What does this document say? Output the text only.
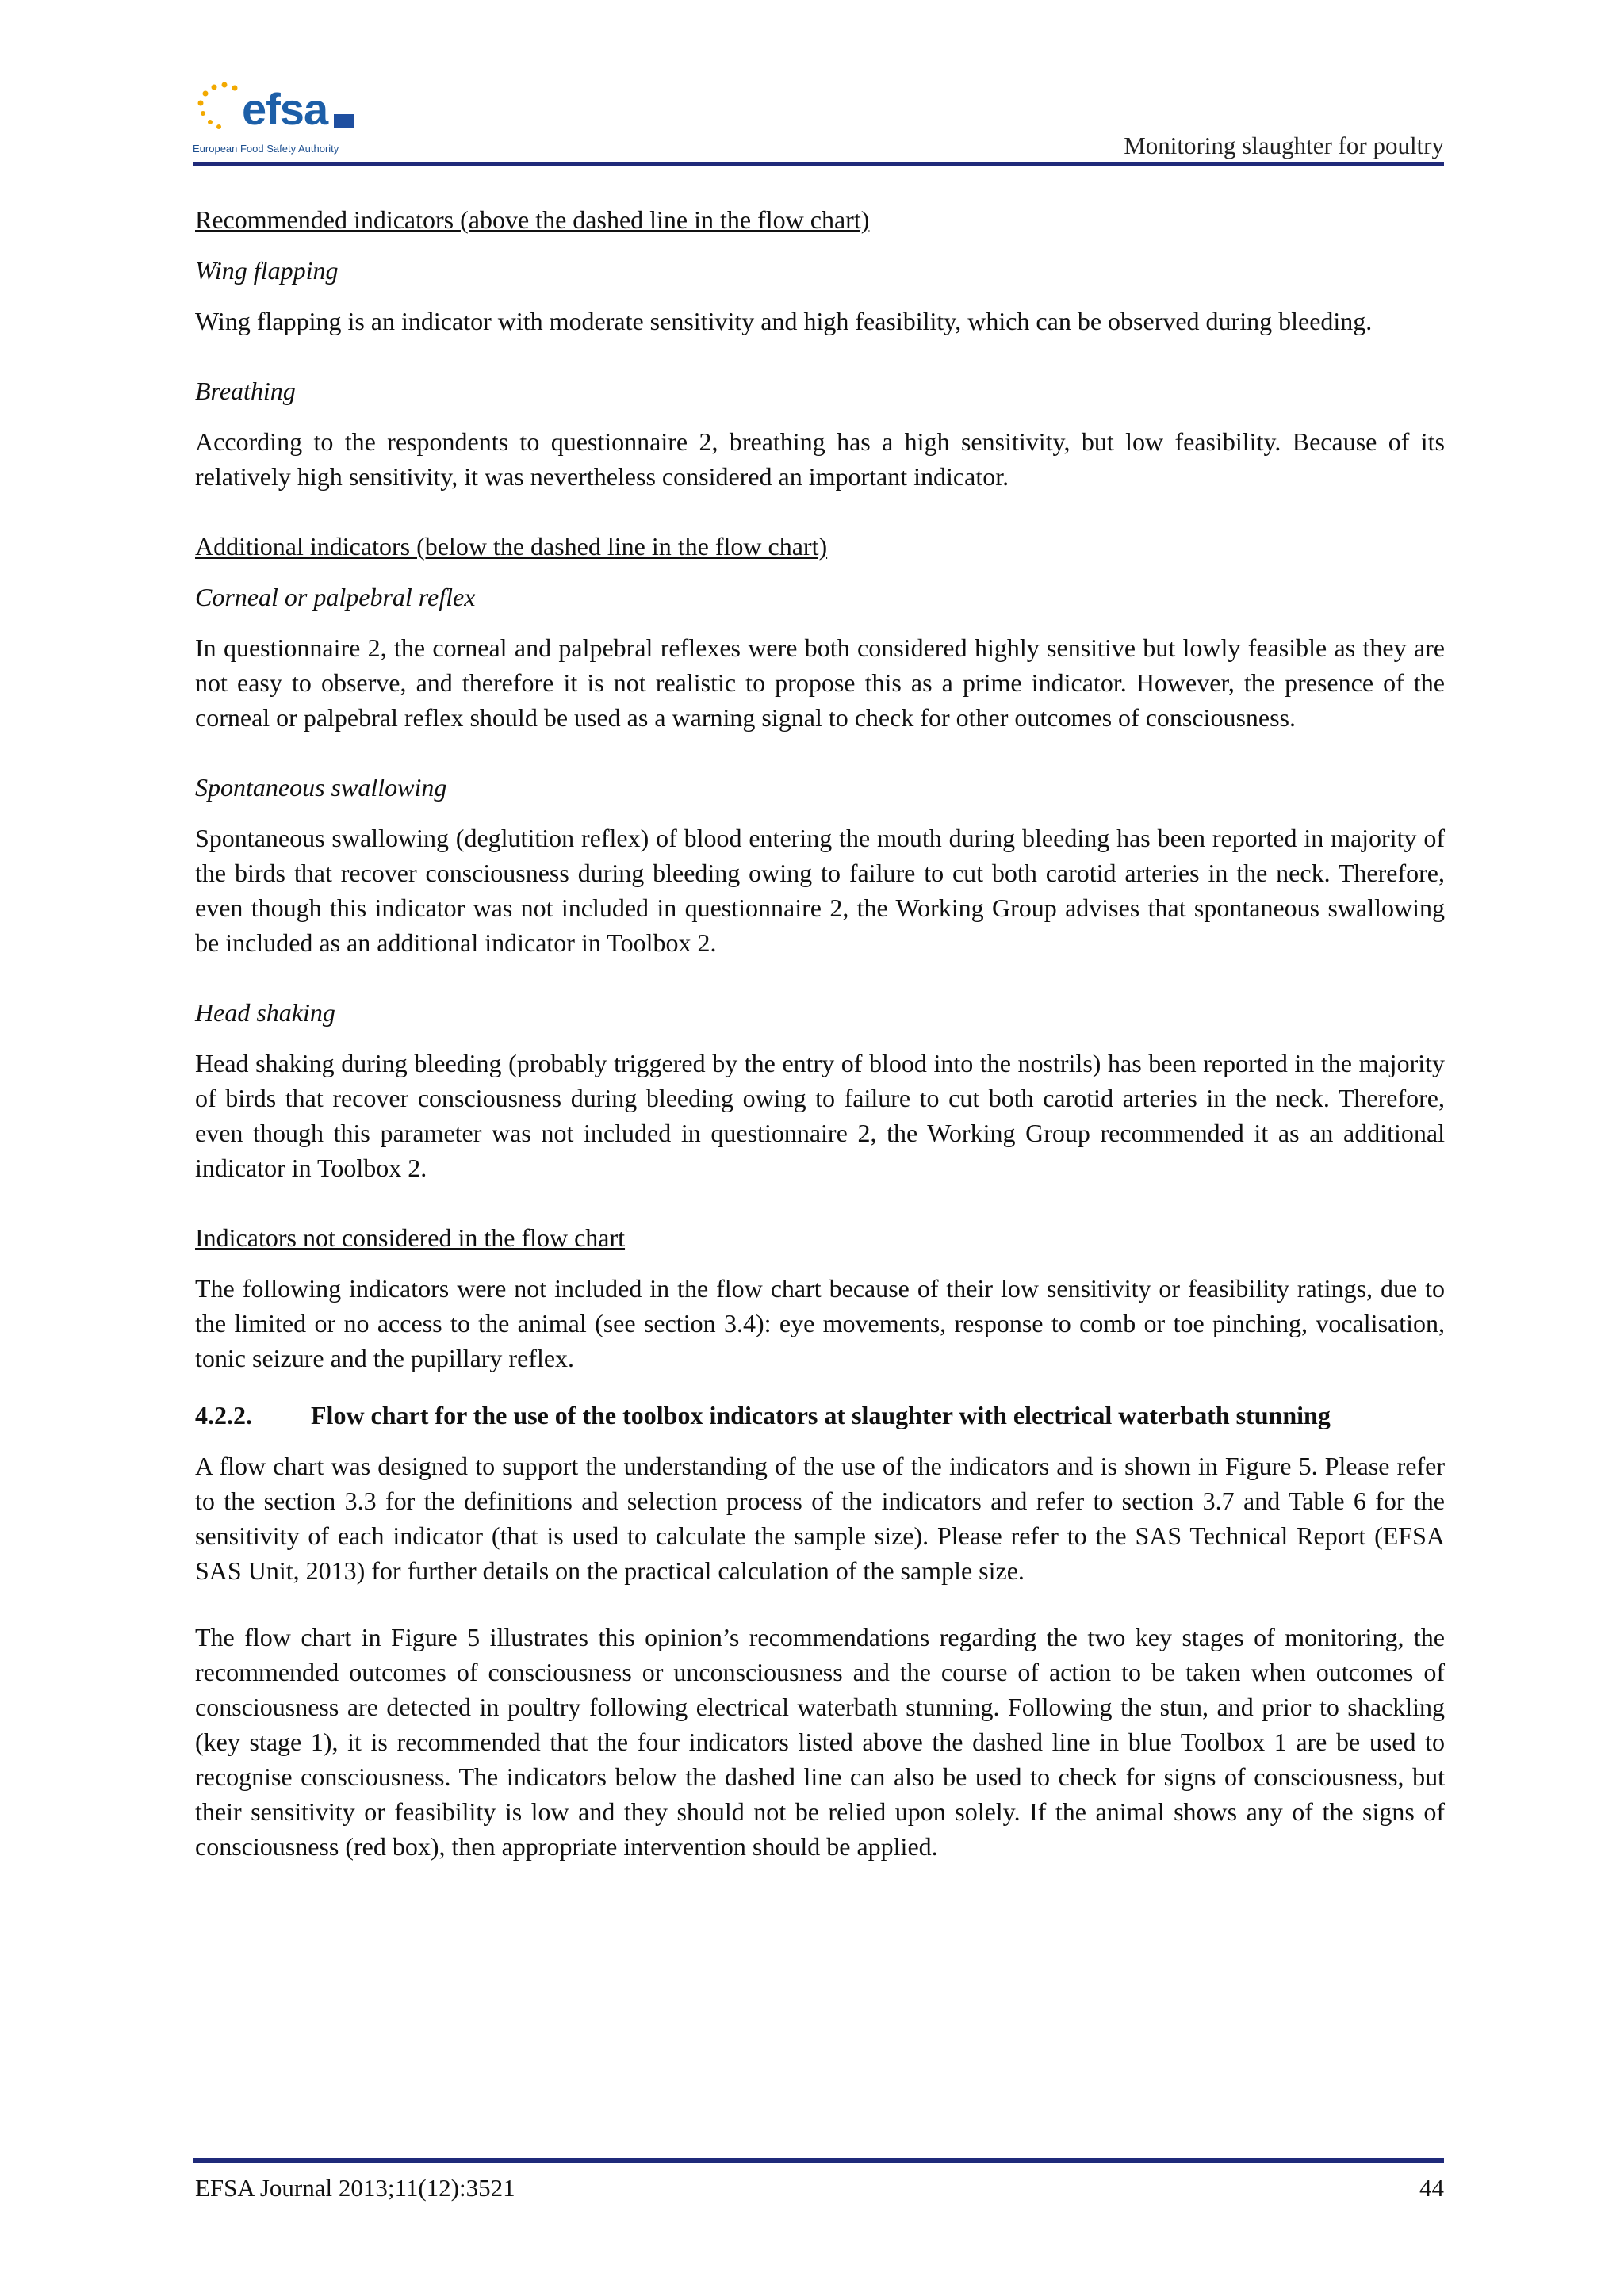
efsa
European Food Safety Authority	Monitoring slaughter for poultry

Recommended indicators (above the dashed line in the flow chart)

Wing flapping

Wing flapping is an indicator with moderate sensitivity and high feasibility, which can be observed during bleeding.

Breathing

According to the respondents to questionnaire 2, breathing has a high sensitivity, but low feasibility. Because of its relatively high sensitivity, it was nevertheless considered an important indicator.

Additional indicators (below the dashed line in the flow chart)

Corneal or palpebral reflex

In questionnaire 2, the corneal and palpebral reflexes were both considered highly sensitive but lowly feasible as they are not easy to observe, and therefore it is not realistic to propose this as a prime indicator. However, the presence of the corneal or palpebral reflex should be used as a warning signal to check for other outcomes of consciousness.

Spontaneous swallowing

Spontaneous swallowing (deglutition reflex) of blood entering the mouth during bleeding has been reported in majority of the birds that recover consciousness during bleeding owing to failure to cut both carotid arteries in the neck. Therefore, even though this indicator was not included in questionnaire 2, the Working Group advises that spontaneous swallowing be included as an additional indicator in Toolbox 2.

Head shaking

Head shaking during bleeding (probably triggered by the entry of blood into the nostrils) has been reported in the majority of birds that recover consciousness during bleeding owing to failure to cut both carotid arteries in the neck. Therefore, even though this parameter was not included in questionnaire 2, the Working Group recommended it as an additional indicator in Toolbox 2.

Indicators not considered in the flow chart

The following indicators were not included in the flow chart because of their low sensitivity or feasibility ratings, due to the limited or no access to the animal (see section 3.4): eye movements, response to comb or toe pinching, vocalisation, tonic seizure and the pupillary reflex.

4.2.2.	Flow chart for the use of the toolbox indicators at slaughter with electrical waterbath stunning

A flow chart was designed to support the understanding of the use of the indicators and is shown in Figure 5. Please refer to the section 3.3 for the definitions and selection process of the indicators and refer to section 3.7 and Table 6 for the sensitivity of each indicator (that is used to calculate the sample size). Please refer to the SAS Technical Report (EFSA SAS Unit, 2013) for further details on the practical calculation of the sample size.

The flow chart in Figure 5 illustrates this opinion’s recommendations regarding the two key stages of monitoring, the recommended outcomes of consciousness or unconsciousness and the course of action to be taken when outcomes of consciousness are detected in poultry following electrical waterbath stunning. Following the stun, and prior to shackling (key stage 1), it is recommended that the four indicators listed above the dashed line in blue Toolbox 1 are be used to recognise consciousness. The indicators below the dashed line can also be used to check for signs of consciousness, but their sensitivity or feasibility is low and they should not be relied upon solely. If the animal shows any of the signs of consciousness (red box), then appropriate intervention should be applied.

EFSA Journal 2013;11(12):3521	44
